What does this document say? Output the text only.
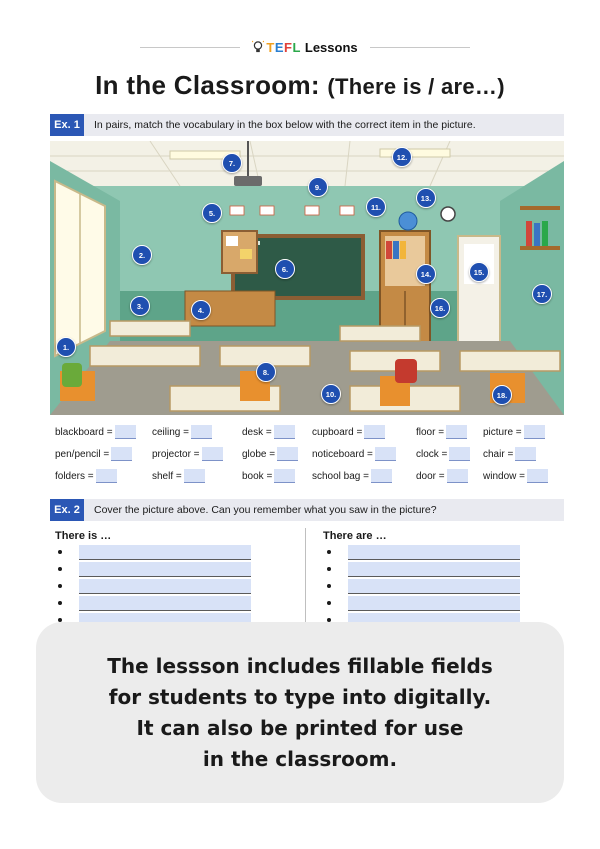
TEFL Lessons
In the Classroom: (There is / are…)
Ex. 1	In pairs, match the vocabulary in the box below with the correct item in the picture.
1.
2.
3.	4.
5.
6.
7.
8.
9.
10.
11.
12.
13.
14.	15.
16.
17.
18.
blackboard =	ceiling =	desk =	cupboard =	floor =	picture =
pen/pencil =	projector =	globe =	noticeboard =	clock =	chair =
folders =	shelf =	book =	school bag =	door =	window =
Ex. 2	Cover the picture above. Can you remember what you saw in the picture?
There is …	There are …
The lessson includes fillable fields
for students to type into digitally.
It can also be printed for use
in the classroom.
